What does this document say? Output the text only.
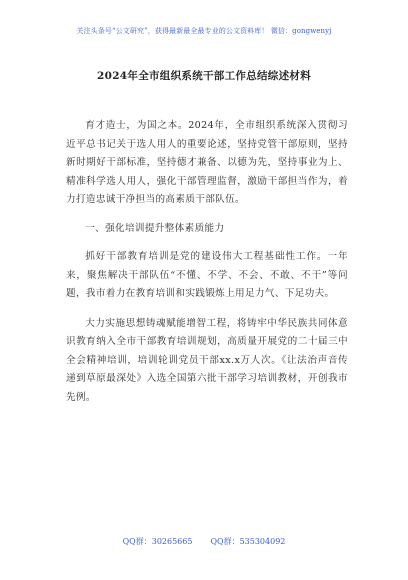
关注头条号“公文研究”，获得最新最全最专业的公文资料库！ 微信：gongwenyj
2024年全市组织系统干部工作总结综述材料

育才造士，为国之本。2024年，全市组织系统深入贯彻习近平总书记关于选人用人的重要论述，坚持党管干部原则，坚持新时期好干部标准，坚持德才兼备、以德为先，坚持事业为上、精准科学选人用人，强化干部管理监督，激励干部担当作为，着力打造忠诚干净担当的高素质干部队伍。

一、强化培训提升整体素质能力

抓好干部教育培训是党的建设伟大工程基础性工作。一年来，聚焦解决干部队伍“不懂、不学、不会、不敢、不干”等问题，我市着力在教育培训和实践锻炼上用足力气、下足功夫。

大力实施思想铸魂赋能增智工程，将铸牢中华民族共同体意识教育纳入全市干部教育培训规划，高质量开展党的二十届三中全会精神培训，培训轮训党员干部xx.x万人次。《让法治声音传递到草原最深处》入选全国第六批干部学习培训教材，开创我市先例。

QQ群：30265665 QQ群：535304092
